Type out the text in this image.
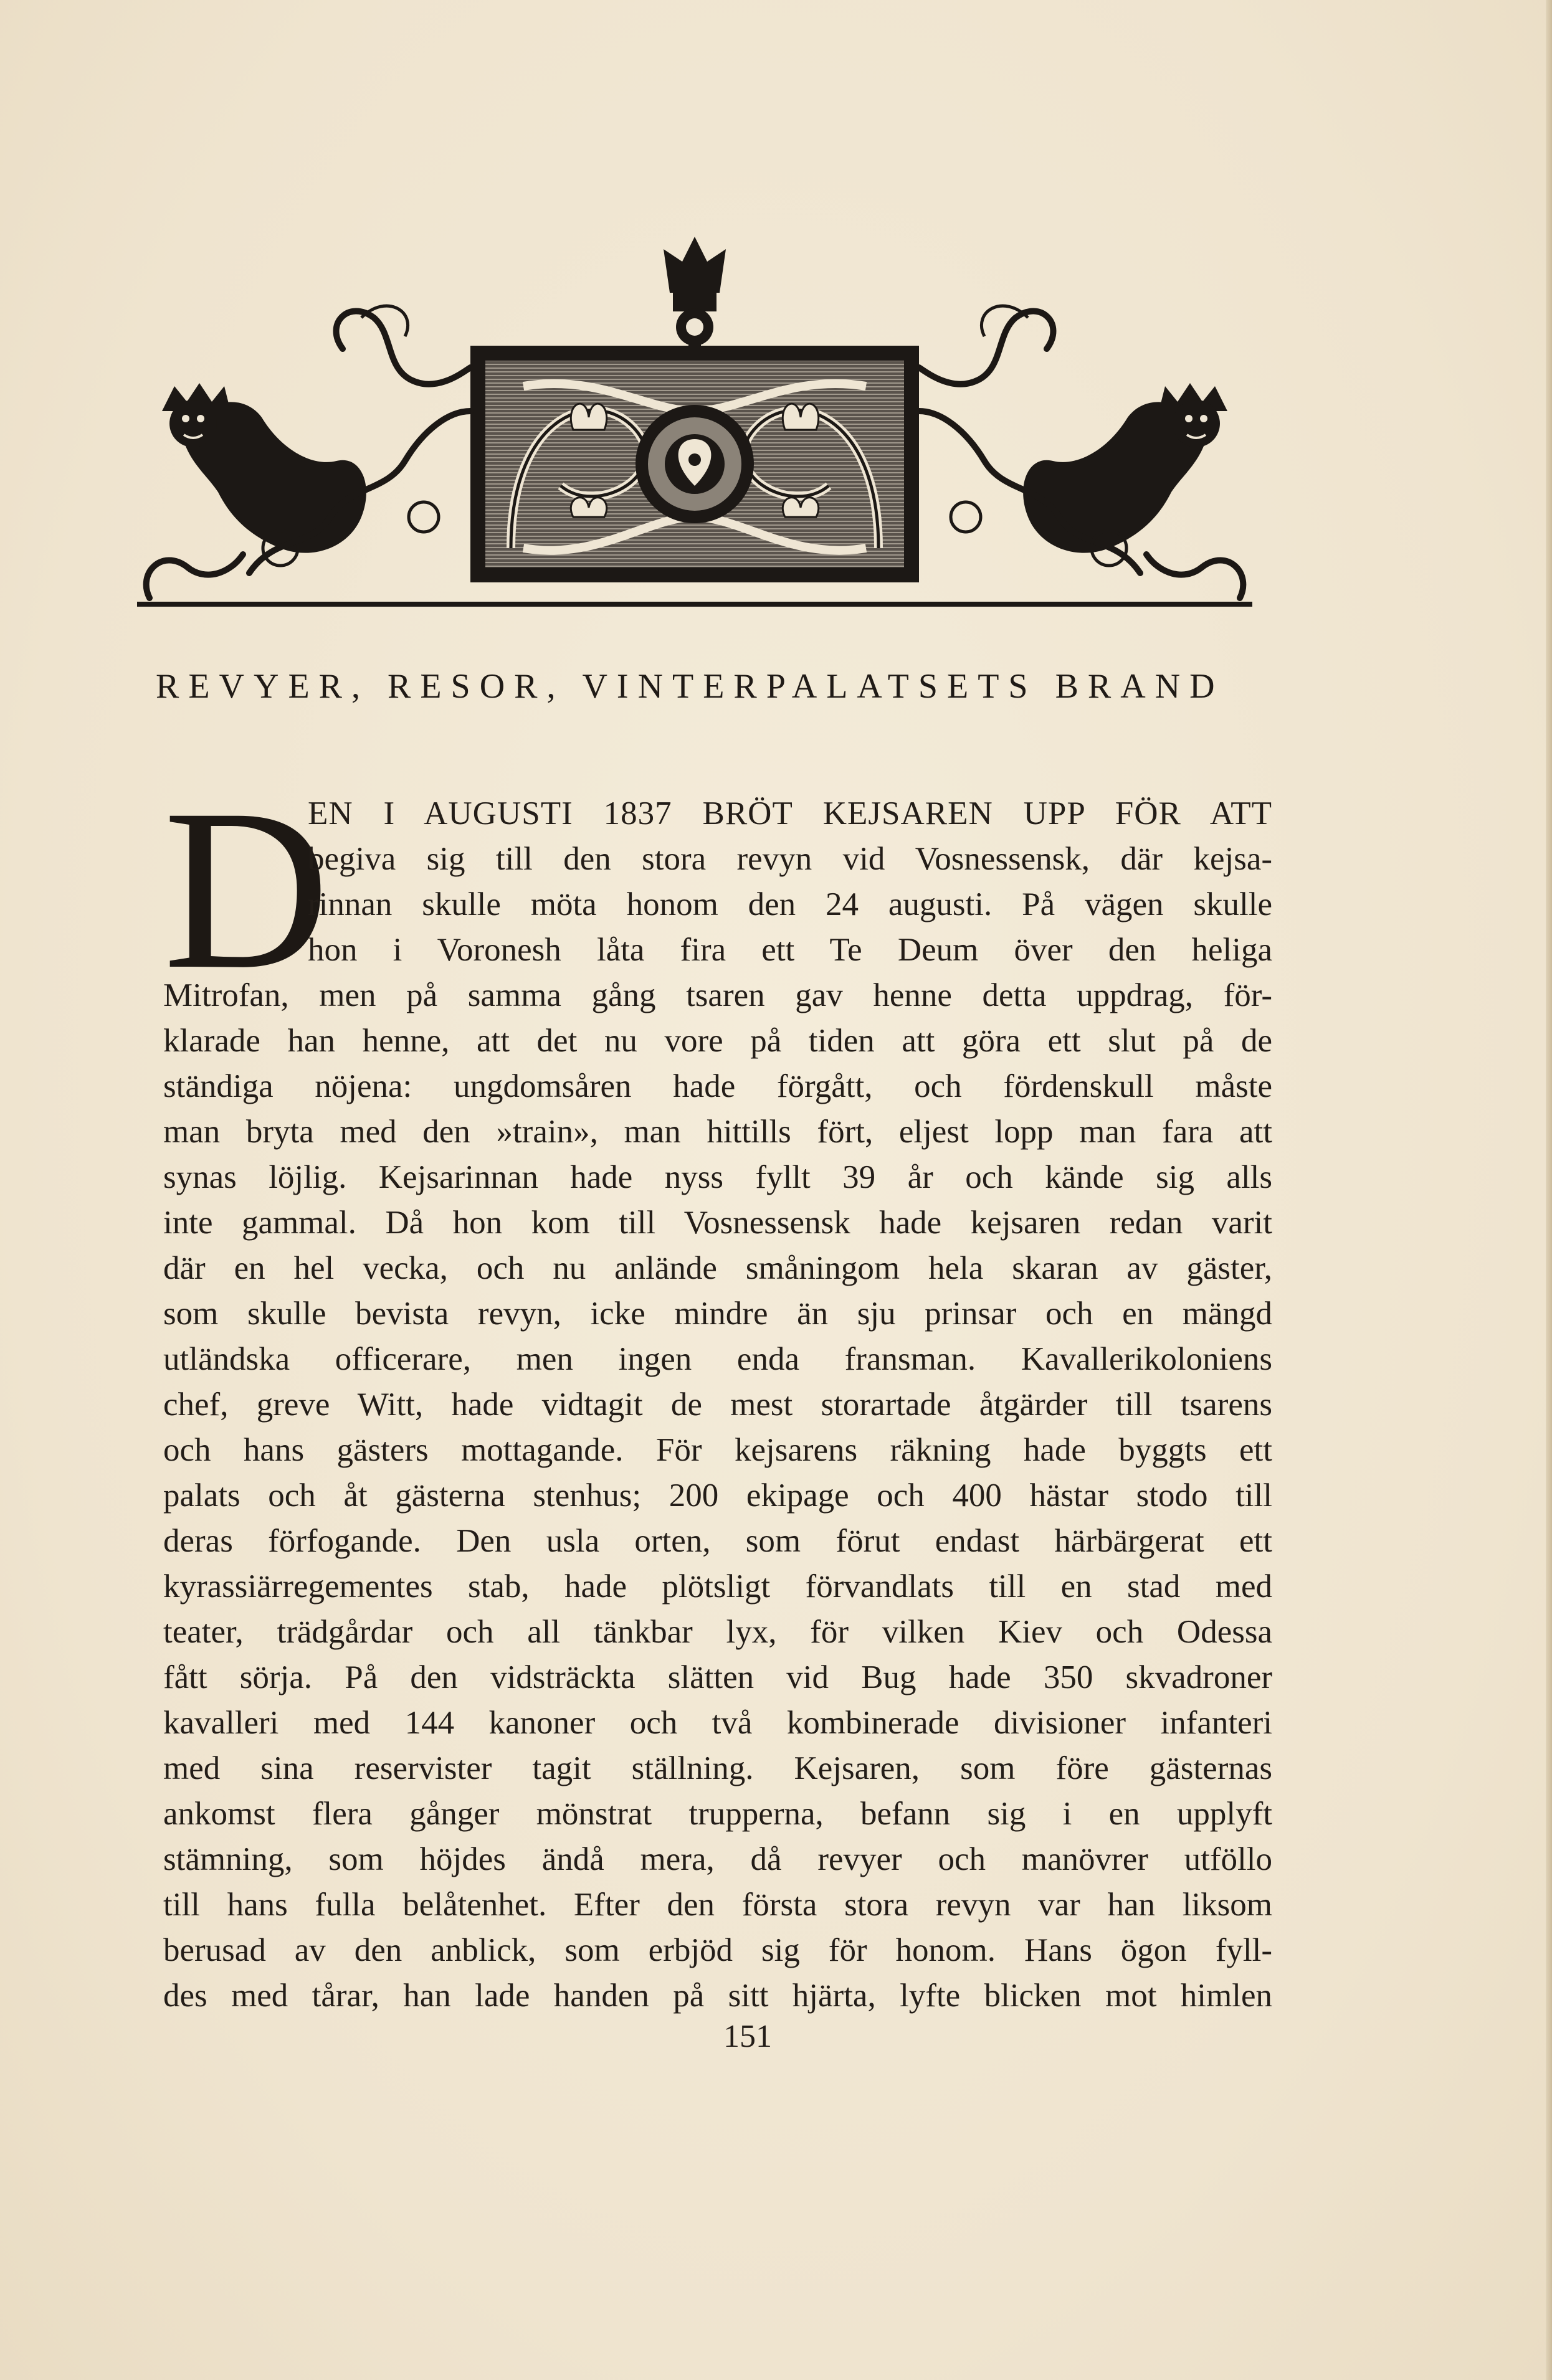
REVYER, RESOR, VINTERPALATSETS BRAND
D
EN I AUGUSTI 1837 BRÖT KEJSAREN UPP FÖR ATT
begiva sig till den stora revyn vid Vosnessensk, där kejsa-
rinnan skulle möta honom den 24 augusti. På vägen skulle
hon i Voronesh låta fira ett Te Deum över den heliga
Mitrofan, men på samma gång tsaren gav henne detta uppdrag, för-
klarade han henne, att det nu vore på tiden att göra ett slut på de
ständiga nöjena: ungdomsåren hade förgått, och fördenskull måste
man bryta med den »train», man hittills fört, eljest lopp man fara att
synas löjlig. Kejsarinnan hade nyss fyllt 39 år och kände sig alls
inte gammal. Då hon kom till Vosnessensk hade kejsaren redan varit
där en hel vecka, och nu anlände småningom hela skaran av gäster,
som skulle bevista revyn, icke mindre än sju prinsar och en mängd
utländska officerare, men ingen enda fransman. Kavallerikoloniens
chef, greve Witt, hade vidtagit de mest storartade åtgärder till tsarens
och hans gästers mottagande. För kejsarens räkning hade byggts ett
palats och åt gästerna stenhus; 200 ekipage och 400 hästar stodo till
deras förfogande. Den usla orten, som förut endast härbärgerat ett
kyrassiärregementes stab, hade plötsligt förvandlats till en stad med
teater, trädgårdar och all tänkbar lyx, för vilken Kiev och Odessa
fått sörja. På den vidsträckta slätten vid Bug hade 350 skvadroner
kavalleri med 144 kanoner och två kombinerade divisioner infanteri
med sina reservister tagit ställning. Kejsaren, som före gästernas
ankomst flera gånger mönstrat trupperna, befann sig i en upplyft
stämning, som höjdes ändå mera, då revyer och manövrer utföllo
till hans fulla belåtenhet. Efter den första stora revyn var han liksom
berusad av den anblick, som erbjöd sig för honom. Hans ögon fyll-
des med tårar, han lade handen på sitt hjärta, lyfte blicken mot himlen
151
